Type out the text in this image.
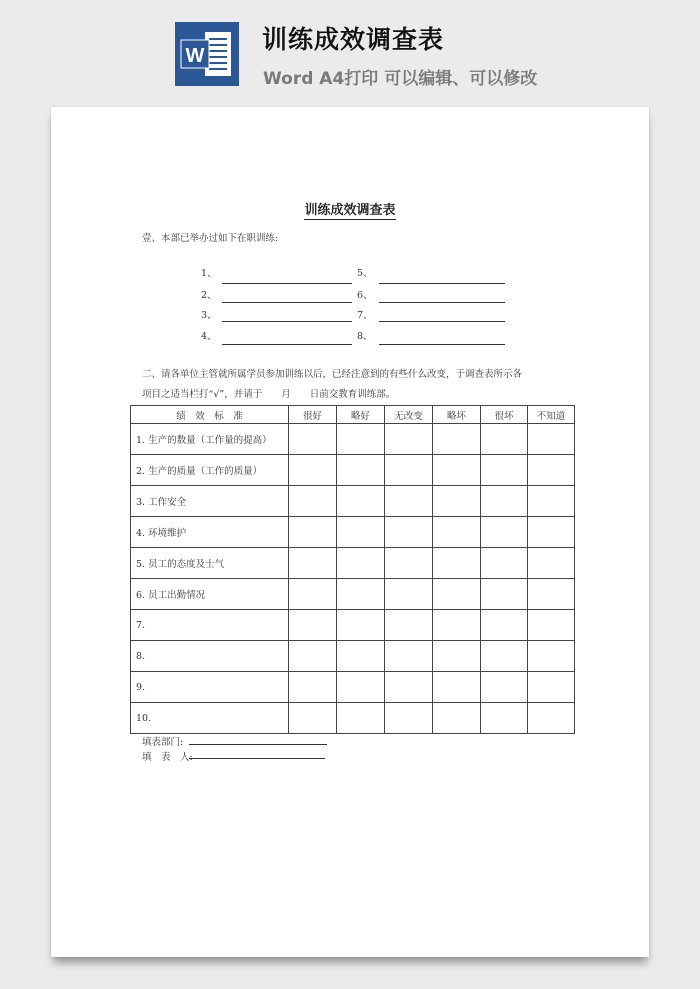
W
训练成效调查表
Word A4打印 可以编辑、可以修改
训练成效调查表
壹、本部已举办过如下在职训练:
1、
2、
3、
4、
5、
6、
7、
8、
二、请各单位主管就所属学员参加训练以后，已经注意到的有些什么改变，于调查表所示各
项目之适当栏打“√”，并请于　　月　　日前交教育训练部。
绩　效　标　准	很好	略好	无改变	略坏	很坏	不知道
1. 生产的数量（工作量的提高）						
2. 生产的质量（工作的质量）						
3. 工作安全						
4. 环境维护						
5. 员工的态度及士气						
6. 员工出勤情况						
7.						
8.						
9.						
10.						
填表部门:
填　表　人:
